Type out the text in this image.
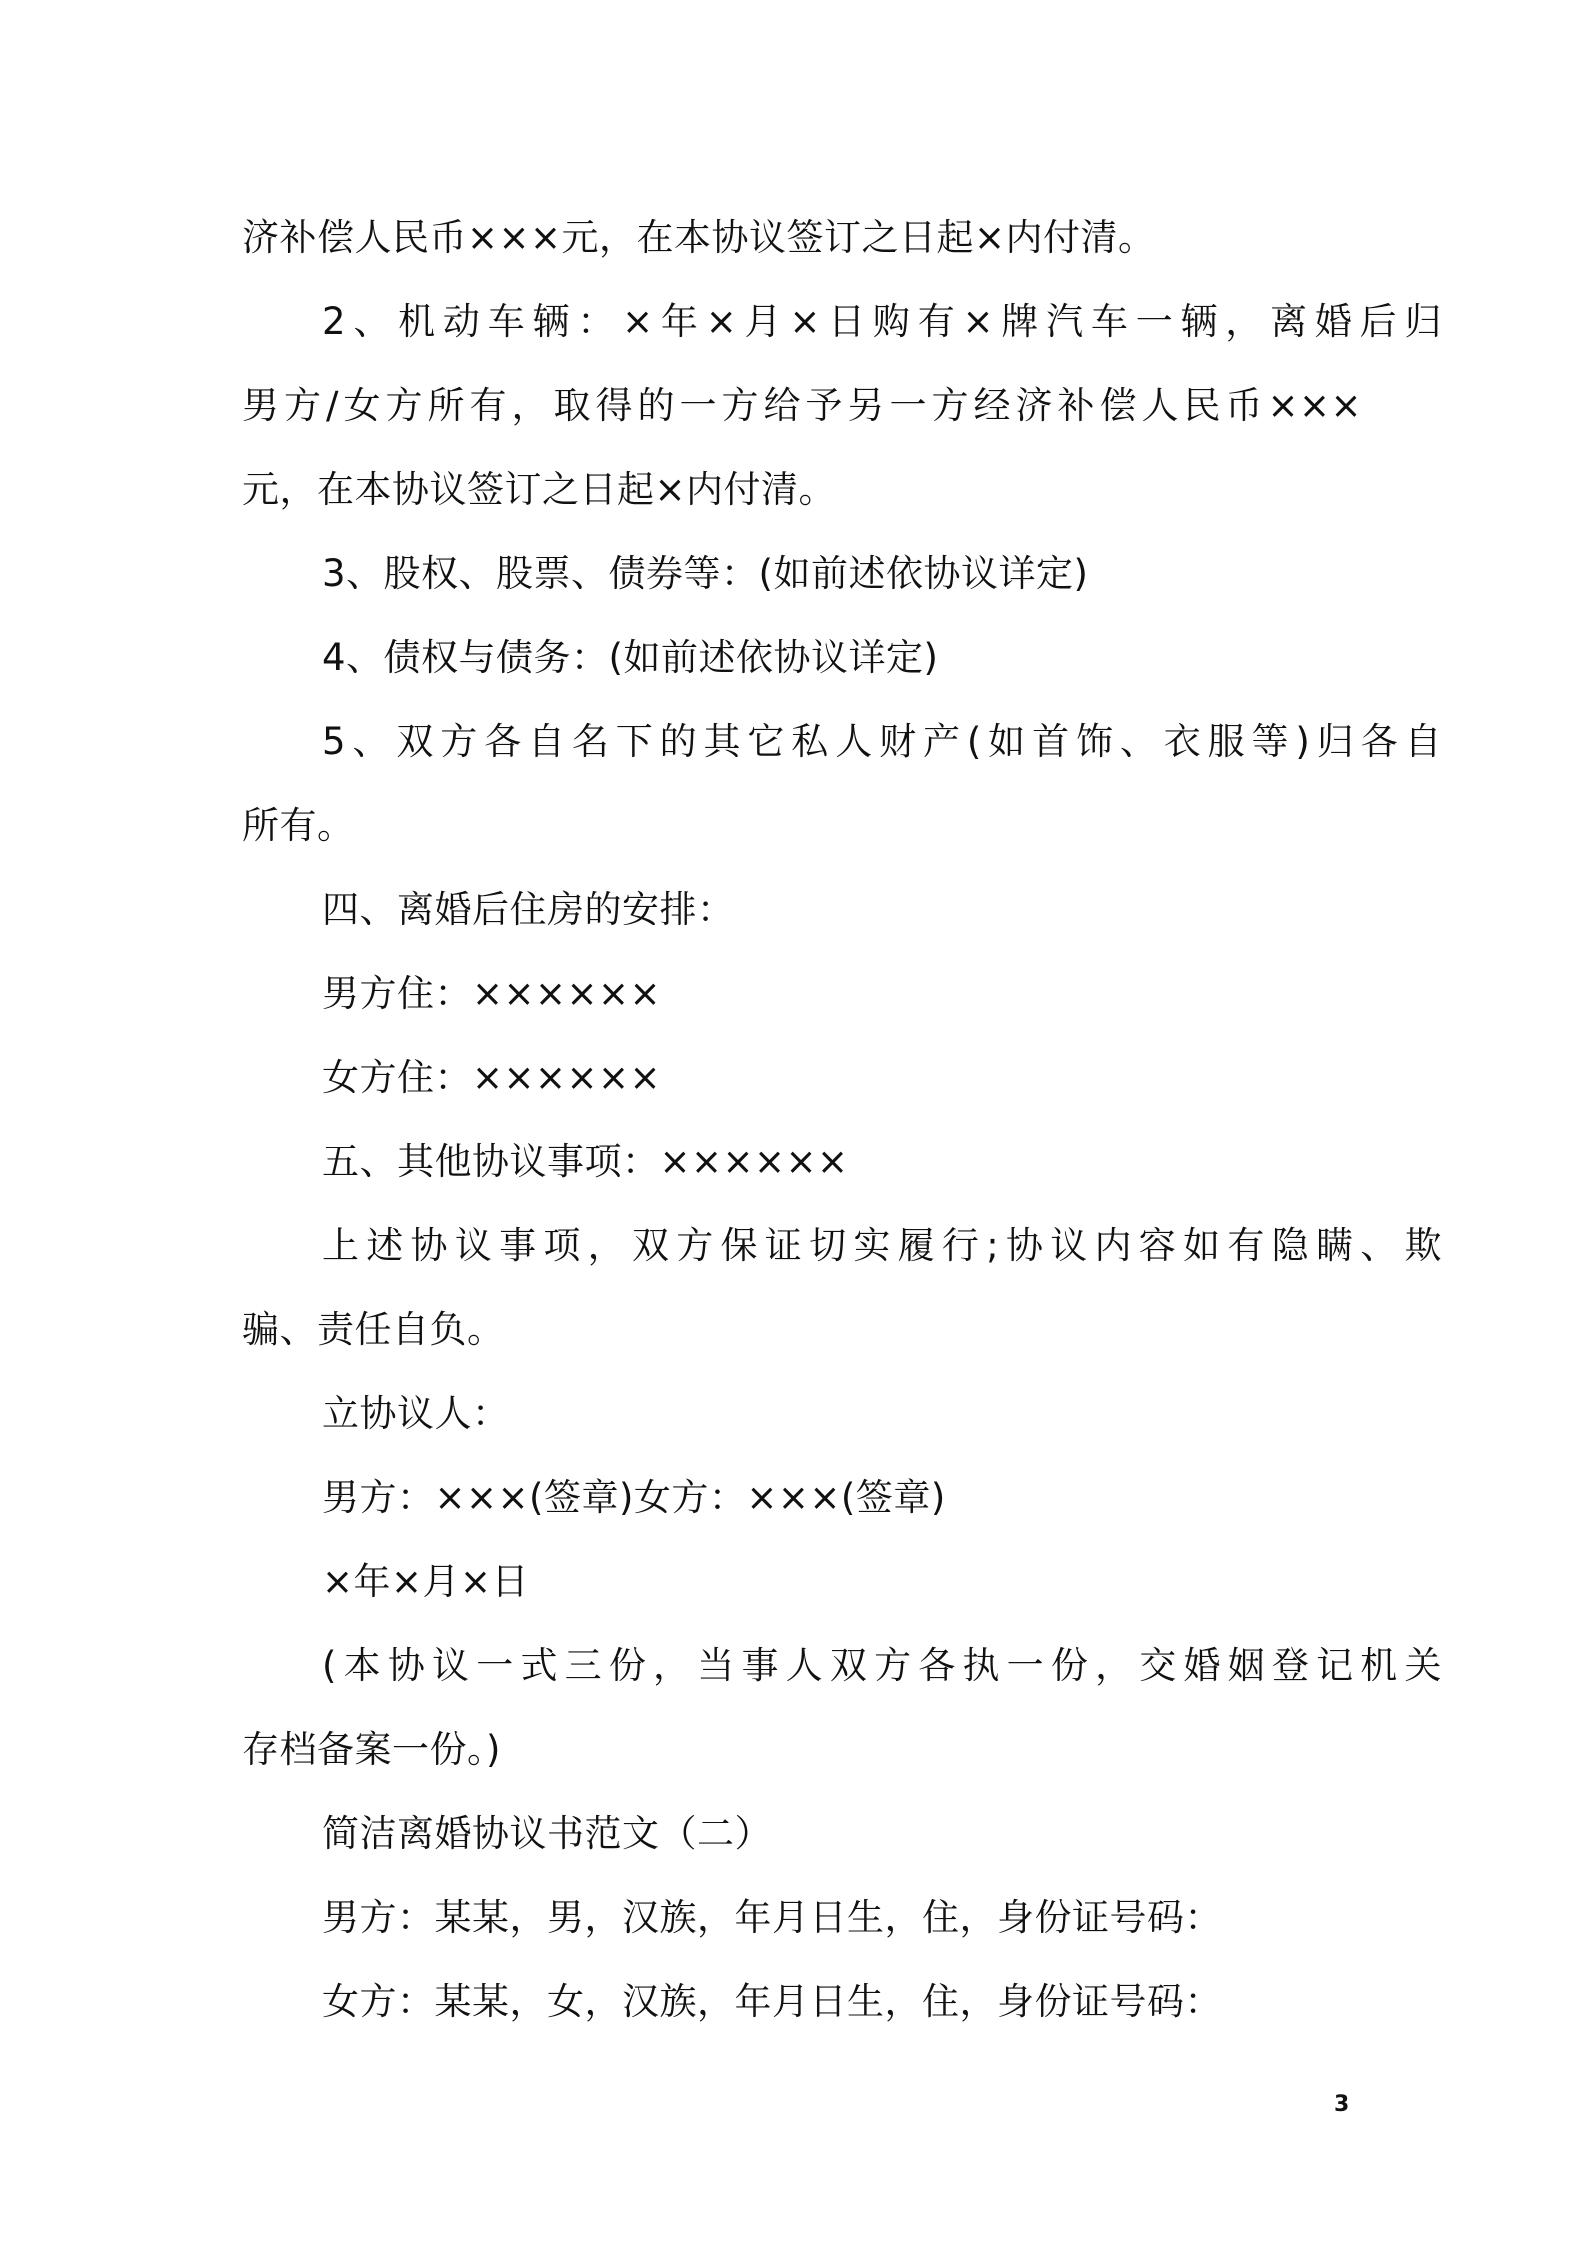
济补偿人民币×××元，在本协议签订之日起×内付清。
2、机动车辆：×年×月×日购有×牌汽车一辆，离婚后归
男方/女方所有，取得的一方给予另一方经济补偿人民币×××
元，在本协议签订之日起×内付清。
3、股权、股票、债券等：(如前述依协议详定)
4、债权与债务：(如前述依协议详定)
5、双方各自名下的其它私人财产(如首饰、衣服等)归各自
所有。
四、离婚后住房的安排：
男方住：××××××
女方住：××××××
五、其他协议事项：××××××
上述协议事项，双方保证切实履行;协议内容如有隐瞒、欺
骗、责任自负。
立协议人：
男方：×××(签章)女方：×××(签章)
×年×月×日
(本协议一式三份，当事人双方各执一份，交婚姻登记机关
存档备案一份。)
简洁离婚协议书范文（二）
男方：某某，男，汉族，年月日生，住，身份证号码：
女方：某某，女，汉族，年月日生，住，身份证号码：
3
